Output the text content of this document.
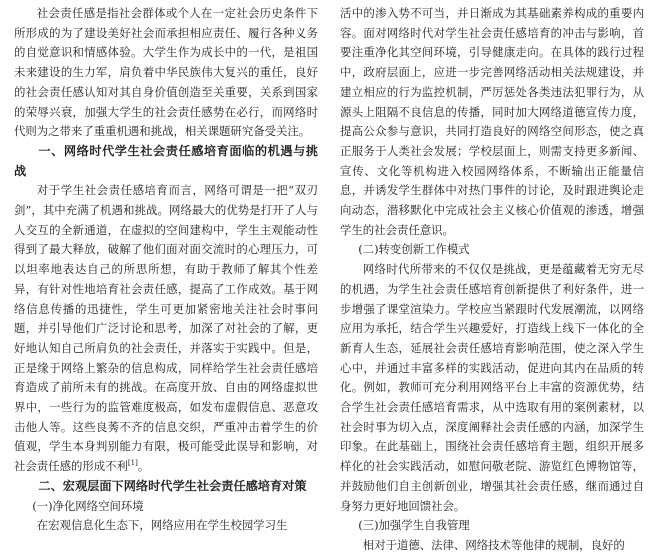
社会责任感是指社会群体或个人在一定社会历史条件下所形成的为了建设美好社会而承担相应责任、履行各种义务的自觉意识和情感体验。大学生作为成长中的一代，是祖国未来建设的生力军，肩负着中华民族伟大复兴的重任，良好的社会责任感认知对其自身价值创造至关重要，关系到国家的荣辱兴衰，加强大学生的社会责任感势在必行，而网络时代则为之带来了重重机遇和挑战，相关课题研究备受关注。

一、网络时代学生社会责任感培育面临的机遇与挑战

对于学生社会责任感培育而言，网络可谓是一把“双刃剑”，其中充满了机遇和挑战。网络最大的优势是打开了人与人交互的全新通道，在虚拟的空间建构中，学生主观能动性得到了最大释放，破解了他们面对面交流时的心理压力，可以坦率地表达自己的所思所想，有助于教师了解其个性差异，有针对性地培育社会责任感，提高了工作成效。基于网络信息传播的迅捷性，学生可更加紧密地关注社会时事问题，并引导他们广泛讨论和思考，加深了对社会的了解，更好地认知自己所肩负的社会责任，并落实于实践中。但是，正是缘于网络上繁杂的信息构成，同样给学生社会责任感培育造成了前所未有的挑战。在高度开放、自由的网络虚拟世界中，一些行为的监管难度极高，如发布虚假信息、恶意攻击他人等。这些良莠不齐的信息交织，严重冲击着学生的价值观，学生本身判别能力有限，极可能受此误导和影响，对社会责任感的形成不利[1]。

二、宏观层面下网络时代学生社会责任感培育对策

(一)净化网络空间环境

在宏观信息化生态下，网络应用在学生校园学习生

活中的渗入势不可当，并日渐成为其基础素养构成的重要内容。面对网络时代对学生社会责任感培育的冲击与影响，首要注重净化其空间环境，引导健康走向。在具体的践行过程中，政府层面上，应进一步完善网络活动相关法规建设，并建立相应的行为监控机制，严厉惩处各类违法犯罪行为，从源头上阻隔不良信息的传播，同时加大网络道德宣传力度，提高公众参与意识，共同打造良好的网络空间形态，使之真正服务于人类社会发展；学校层面上，则需支持更多新闻、宣传、文化等机构进入校园网络体系，不断输出正能量信息，并诱发学生群体中对热门事件的讨论，及时跟进舆论走向动态，潜移默化中完成社会主义核心价值观的渗透，增强学生的社会责任意识。

(二)转变创新工作模式

网络时代所带来的不仅仅是挑战，更是蕴藏着无穷无尽的机遇，为学生社会责任感培育创新提供了利好条件，进一步增强了课堂渲染力。学校应当紧跟时代发展潮流，以网络应用为承托，结合学生兴趣爱好，打造线上线下一体化的全新育人生态，延展社会责任感培育影响范围，使之深入学生心中，并通过丰富多样的实践活动，促进向其内在品质的转化。例如，教师可充分利用网络平台上丰富的资源优势，结合学生社会责任感培育需求，从中选取有用的案例素材，以社会时事为切入点，深度阐释社会责任感的内涵，加深学生印象。在此基础上，围绕社会责任感培育主题，组织开展多样化的社会实践活动，如慰问敬老院、游览红色博物馆等，并鼓励他们自主创新创业，增强其社会责任感，继而通过自身努力更好地回馈社会。

(三)加强学生自我管理

相对于道德、法律、网络技术等他律的规制，良好的
